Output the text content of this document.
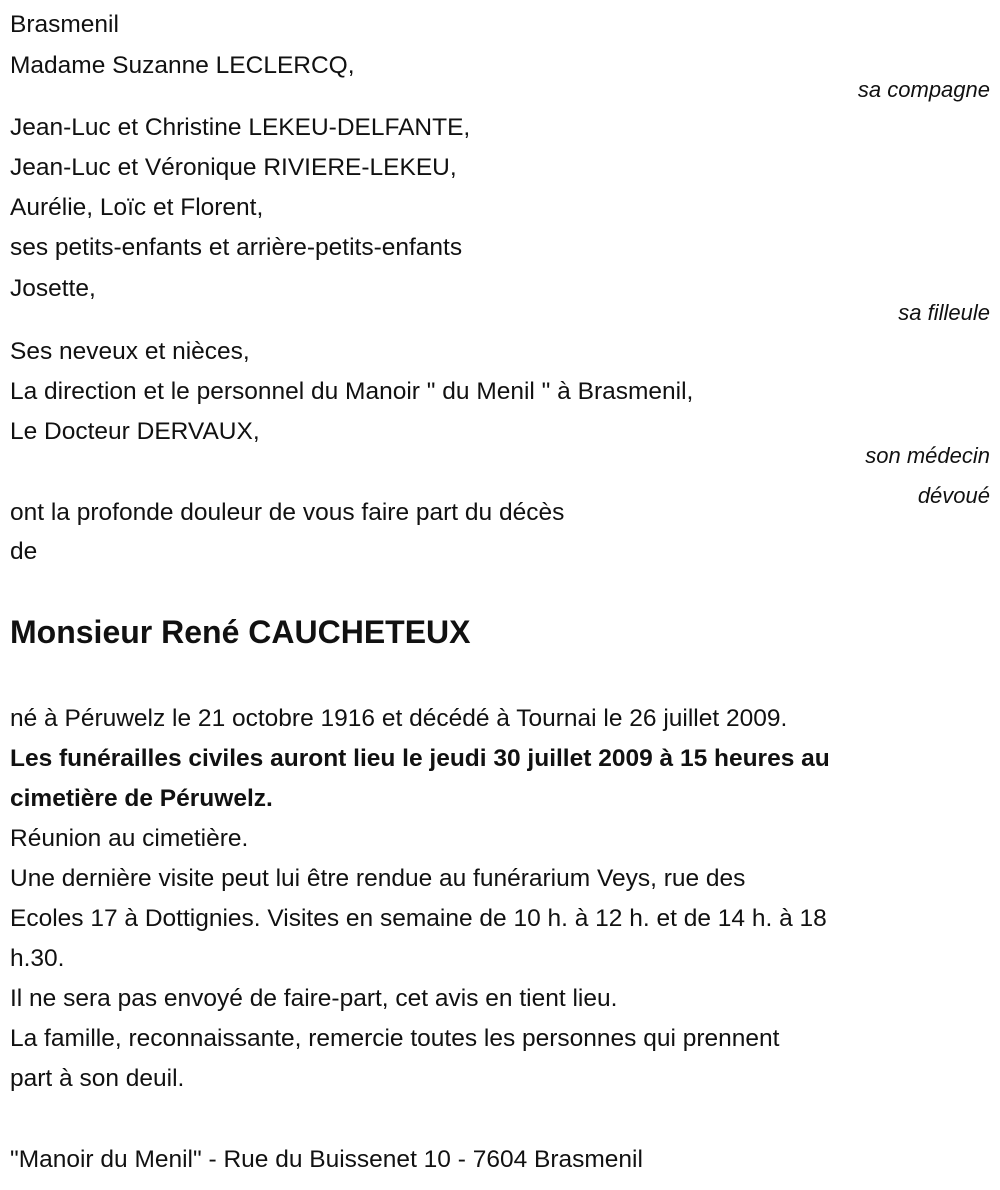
Brasmenil
Madame Suzanne LECLERCQ,
sa compagne
Jean-Luc et Christine LEKEU-DELFANTE,
Jean-Luc et Véronique RIVIERE-LEKEU,
Aurélie, Loïc et Florent,
ses petits-enfants et arrière-petits-enfants
Josette,
sa filleule
Ses neveux et nièces,
La direction et le personnel du Manoir " du Menil " à Brasmenil,
Le Docteur DERVAUX,
son médecin
dévoué
ont la profonde douleur de vous faire part du décès
de
Monsieur René CAUCHETEUX
né à Péruwelz le 21 octobre 1916 et décédé à Tournai le 26 juillet 2009.
Les funérailles civiles auront lieu le jeudi 30 juillet 2009 à 15 heures au
cimetière de Péruwelz.
Réunion au cimetière.
Une dernière visite peut lui être rendue au funérarium Veys, rue des
Ecoles 17 à Dottignies. Visites en semaine de 10 h. à 12 h. et de 14 h. à 18
h.30.
Il ne sera pas envoyé de faire-part, cet avis en tient lieu.
La famille, reconnaissante, remercie toutes les personnes qui prennent
part à son deuil.
"Manoir du Menil" - Rue du Buissenet 10 - 7604 Brasmenil
